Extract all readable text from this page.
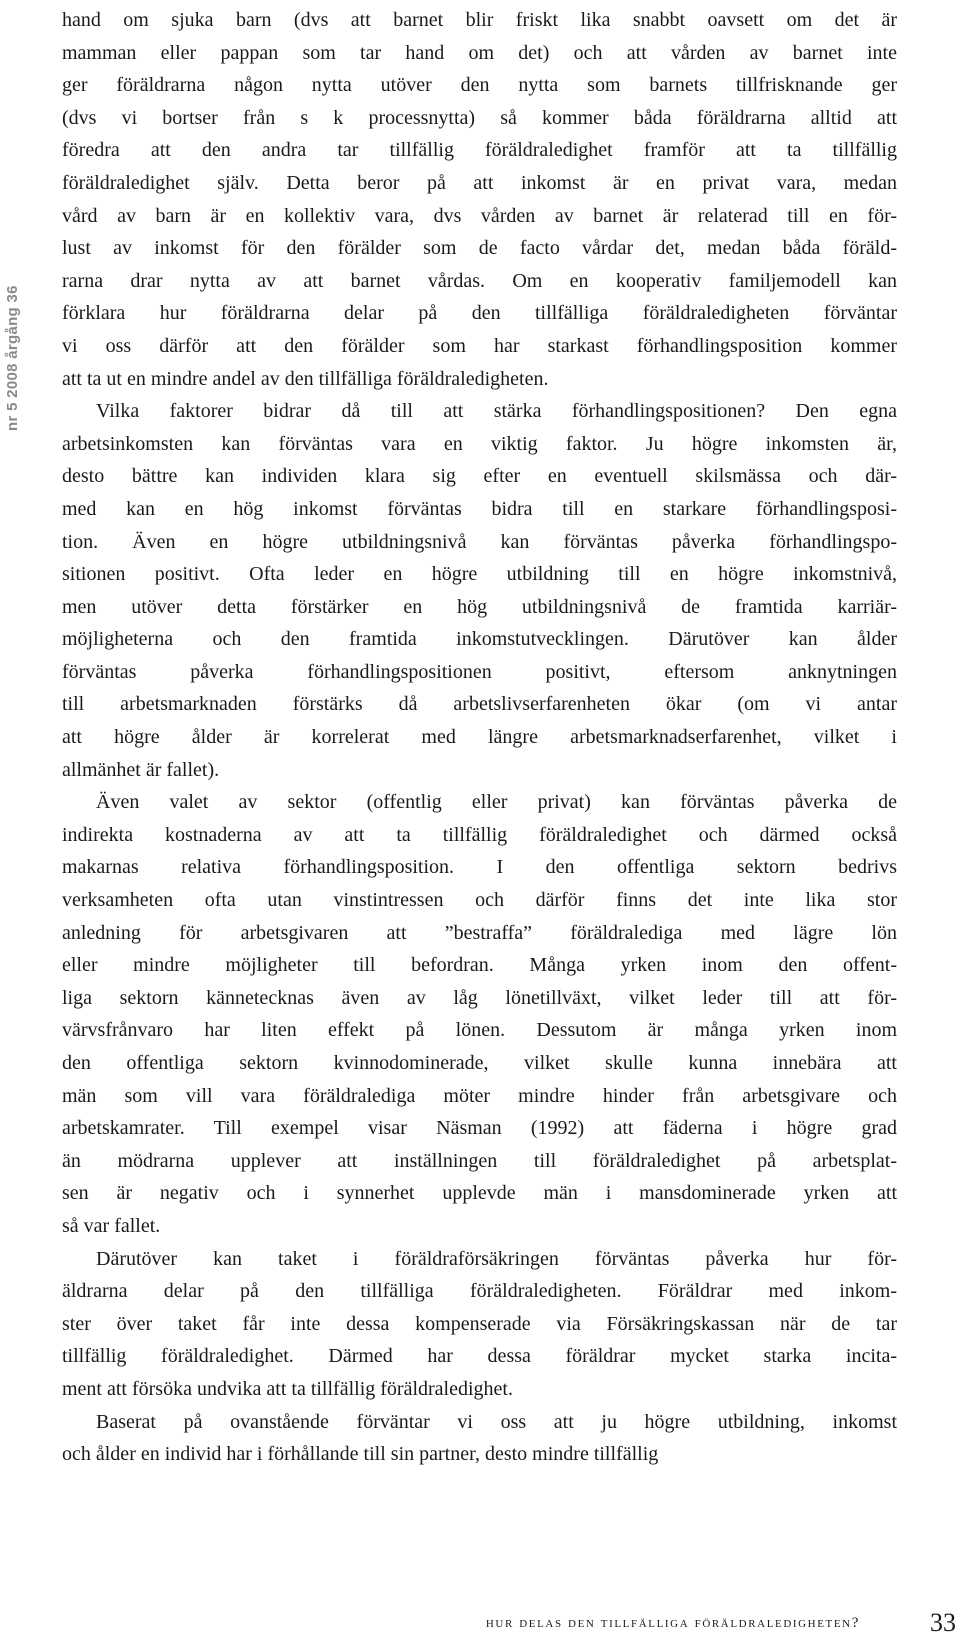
nr 5 2008 årgång 36
hand om sjuka barn (dvs att barnet blir friskt lika snabbt oavsett om det är
mamman eller pappan som tar hand om det) och att vården av barnet inte
ger föräldrarna någon nytta utöver den nytta som barnets tillfrisknande ger
(dvs vi bortser från s k processnytta) så kommer båda föräldrarna alltid att
föredra att den andra tar tillfällig föräldraledighet framför att ta tillfällig
föräldraledighet själv. Detta beror på att inkomst är en privat vara, medan
vård av barn är en kollektiv vara, dvs vården av barnet är relaterad till en för-
lust av inkomst för den förälder som de facto vårdar det, medan båda föräld-
rarna drar nytta av att barnet vårdas. Om en kooperativ familjemodell kan
förklara hur föräldrarna delar på den tillfälliga föräldraledigheten förväntar
vi oss därför att den förälder som har starkast förhandlingsposition kommer
att ta ut en mindre andel av den tillfälliga föräldraledigheten.
Vilka faktorer bidrar då till att stärka förhandlingspositionen? Den egna
arbetsinkomsten kan förväntas vara en viktig faktor. Ju högre inkomsten är,
desto bättre kan individen klara sig efter en eventuell skilsmässa och där-
med kan en hög inkomst förväntas bidra till en starkare förhandlingsposi-
tion. Även en högre utbildningsnivå kan förväntas påverka förhandlingspo-
sitionen positivt. Ofta leder en högre utbildning till en högre inkomstnivå,
men utöver detta förstärker en hög utbildningsnivå de framtida karriär-
möjligheterna och den framtida inkomstutvecklingen. Därutöver kan ålder
förväntas påverka förhandlingspositionen positivt, eftersom anknytningen
till arbetsmarknaden förstärks då arbetslivserfarenheten ökar (om vi antar
att högre ålder är korrelerat med längre arbetsmarknadserfarenhet, vilket i
allmänhet är fallet).
Även valet av sektor (offentlig eller privat) kan förväntas påverka de
indirekta kostnaderna av att ta tillfällig föräldraledighet och därmed också
makarnas relativa förhandlingsposition. I den offentliga sektorn bedrivs
verksamheten ofta utan vinstintressen och därför finns det inte lika stor
anledning för arbetsgivaren att ”bestraffa” föräldralediga med lägre lön
eller mindre möjligheter till befordran. Många yrken inom den offent-
liga sektorn kännetecknas även av låg lönetillväxt, vilket leder till att för-
värvsfrånvaro har liten effekt på lönen. Dessutom är många yrken inom
den offentliga sektorn kvinnodominerade, vilket skulle kunna innebära att
män som vill vara föräldralediga möter mindre hinder från arbetsgivare och
arbetskamrater. Till exempel visar Näsman (1992) att fäderna i högre grad
än mödrarna upplever att inställningen till föräldraledighet på arbetsplat-
sen är negativ och i synnerhet upplevde män i mansdominerade yrken att
så var fallet.
Därutöver kan taket i föräldraförsäkringen förväntas påverka hur för-
äldrarna delar på den tillfälliga föräldraledigheten. Föräldrar med inkom-
ster över taket får inte dessa kompenserade via Försäkringskassan när de tar
tillfällig föräldraledighet. Därmed har dessa föräldrar mycket starka incita-
ment att försöka undvika att ta tillfällig föräldraledighet.
Baserat på ovanstående förväntar vi oss att ju högre utbildning, inkomst
och ålder en individ har i förhållande till sin partner, desto mindre tillfällig
hur delas den tillfälliga föräldraledigheten?	33
